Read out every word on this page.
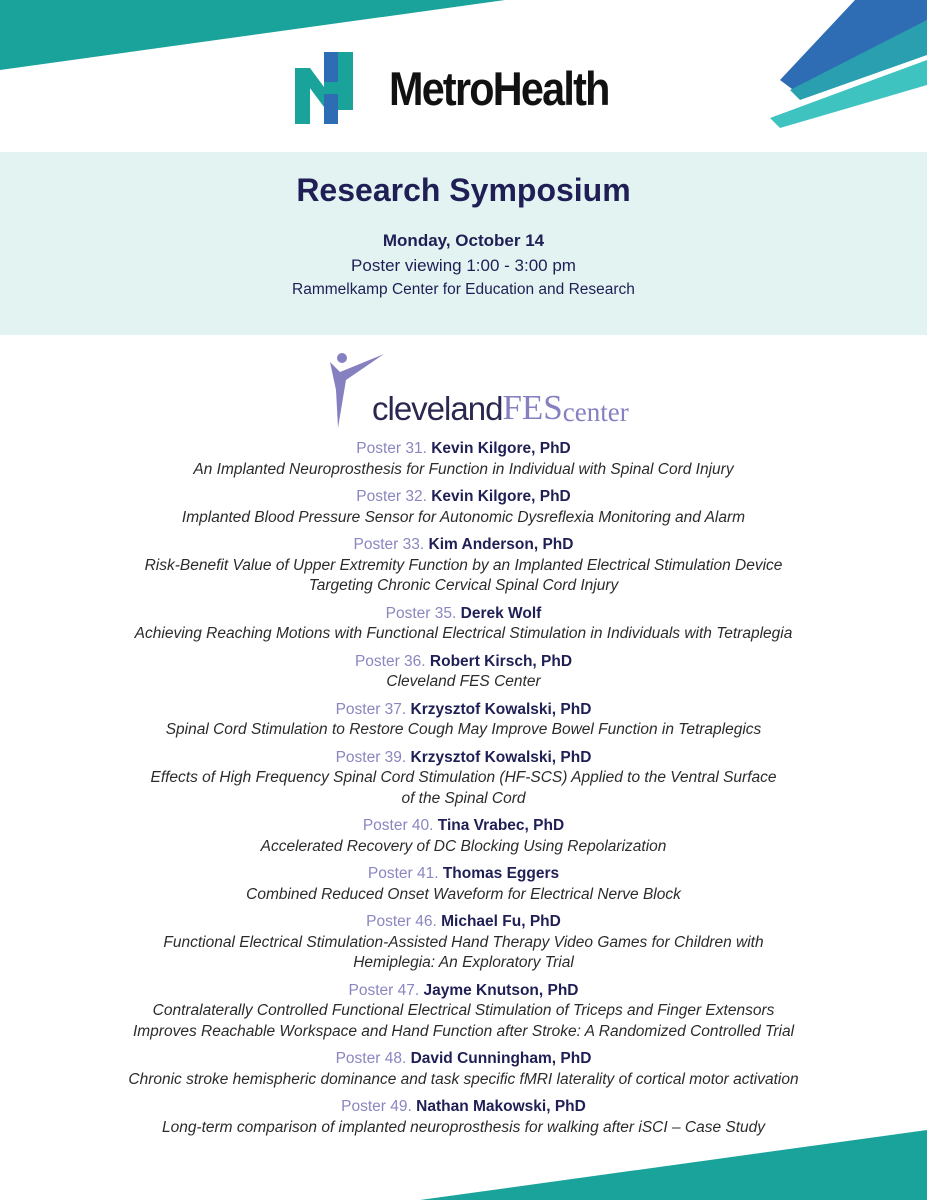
MetroHealth
Research Symposium
Monday, October 14
Poster viewing 1:00 - 3:00 pm
Rammelkamp Center for Education and Research
cleveland FES center
Poster 31. Kevin Kilgore, PhD
An Implanted Neuroprosthesis for Function in Individual with Spinal Cord Injury
Poster 32. Kevin Kilgore, PhD
Implanted Blood Pressure Sensor for Autonomic Dysreflexia Monitoring and Alarm
Poster 33. Kim Anderson, PhD
Risk-Benefit Value of Upper Extremity Function by an Implanted Electrical Stimulation Device
Targeting Chronic Cervical Spinal Cord Injury
Poster 35. Derek Wolf
Achieving Reaching Motions with Functional Electrical Stimulation in Individuals with Tetraplegia
Poster 36. Robert Kirsch, PhD
Cleveland FES Center
Poster 37. Krzysztof Kowalski, PhD
Spinal Cord Stimulation to Restore Cough May Improve Bowel Function in Tetraplegics
Poster 39. Krzysztof Kowalski, PhD
Effects of High Frequency Spinal Cord Stimulation (HF-SCS) Applied to the Ventral Surface
of the Spinal Cord
Poster 40. Tina Vrabec, PhD
Accelerated Recovery of DC Blocking Using Repolarization
Poster 41. Thomas Eggers
Combined Reduced Onset Waveform for Electrical Nerve Block
Poster 46. Michael Fu, PhD
Functional Electrical Stimulation-Assisted Hand Therapy Video Games for Children with
Hemiplegia: An Exploratory Trial
Poster 47. Jayme Knutson, PhD
Contralaterally Controlled Functional Electrical Stimulation of Triceps and Finger Extensors
Improves Reachable Workspace and Hand Function after Stroke: A Randomized Controlled Trial
Poster 48. David Cunningham, PhD
Chronic stroke hemispheric dominance and task specific fMRI laterality of cortical motor activation
Poster 49. Nathan Makowski, PhD
Long-term comparison of implanted neuroprosthesis for walking after iSCI – Case Study
